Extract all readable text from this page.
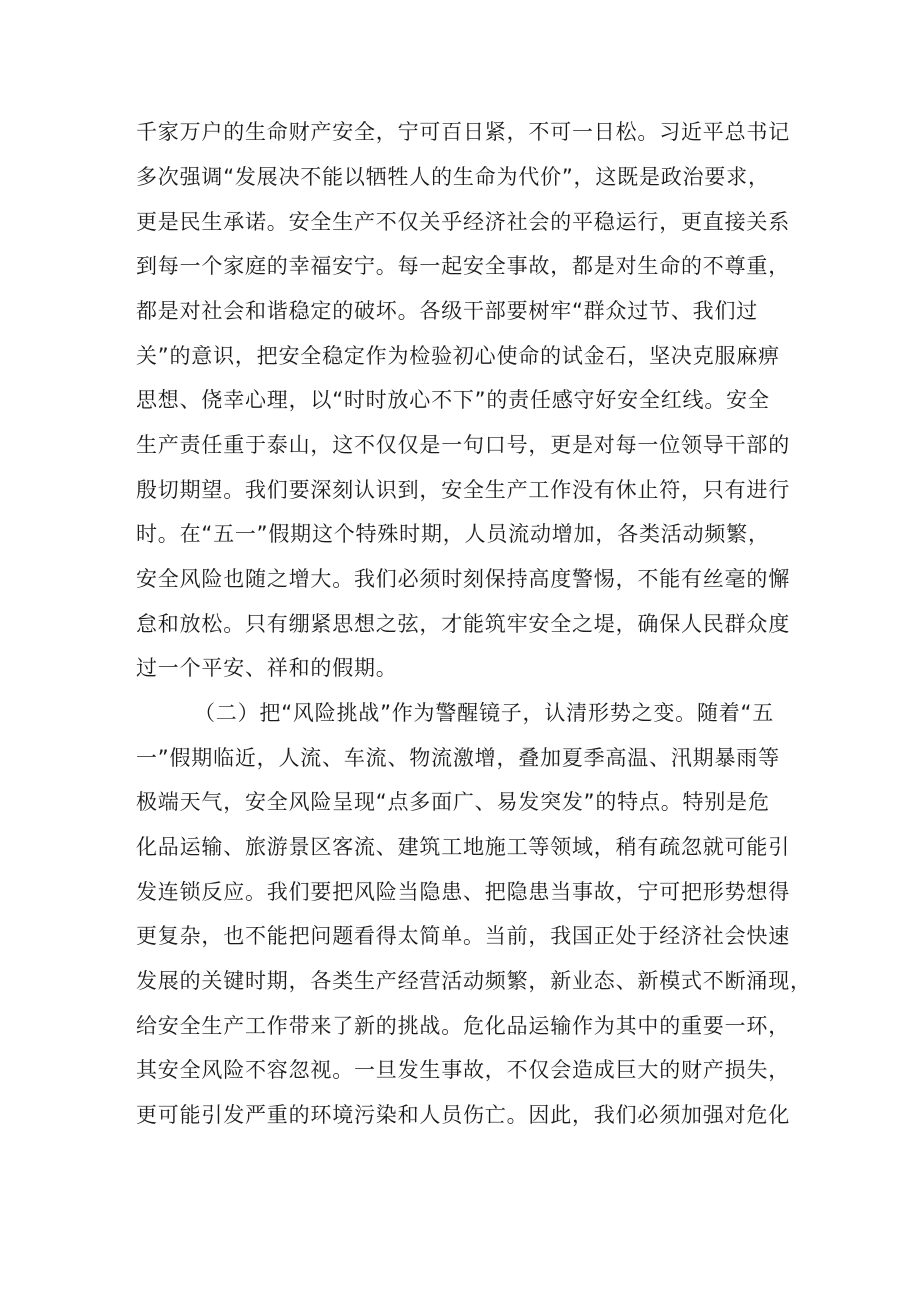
千家万户的生命财产安全，宁可百日紧，不可一日松。习近平总书记
多次强调“发展决不能以牺牲人的生命为代价”，这既是政治要求，
更是民生承诺。安全生产不仅关乎经济社会的平稳运行，更直接关系
到每一个家庭的幸福安宁。每一起安全事故，都是对生命的不尊重，
都是对社会和谐稳定的破坏。各级干部要树牢“群众过节、我们过
关”的意识，把安全稳定作为检验初心使命的试金石，坚决克服麻痹
思想、侥幸心理，以“时时放心不下”的责任感守好安全红线。安全
生产责任重于泰山，这不仅仅是一句口号，更是对每一位领导干部的
殷切期望。我们要深刻认识到，安全生产工作没有休止符，只有进行
时。在“五一”假期这个特殊时期，人员流动增加，各类活动频繁，
安全风险也随之增大。我们必须时刻保持高度警惕，不能有丝毫的懈
怠和放松。只有绷紧思想之弦，才能筑牢安全之堤，确保人民群众度
过一个平安、祥和的假期。
（二）把“风险挑战”作为警醒镜子，认清形势之变。随着“五
一”假期临近，人流、车流、物流激增，叠加夏季高温、汛期暴雨等
极端天气，安全风险呈现“点多面广、易发突发”的特点。特别是危
化品运输、旅游景区客流、建筑工地施工等领域，稍有疏忽就可能引
发连锁反应。我们要把风险当隐患、把隐患当事故，宁可把形势想得
更复杂，也不能把问题看得太简单。当前，我国正处于经济社会快速
发展的关键时期，各类生产经营活动频繁，新业态、新模式不断涌现，
给安全生产工作带来了新的挑战。危化品运输作为其中的重要一环，
其安全风险不容忽视。一旦发生事故，不仅会造成巨大的财产损失，
更可能引发严重的环境污染和人员伤亡。因此，我们必须加强对危化
